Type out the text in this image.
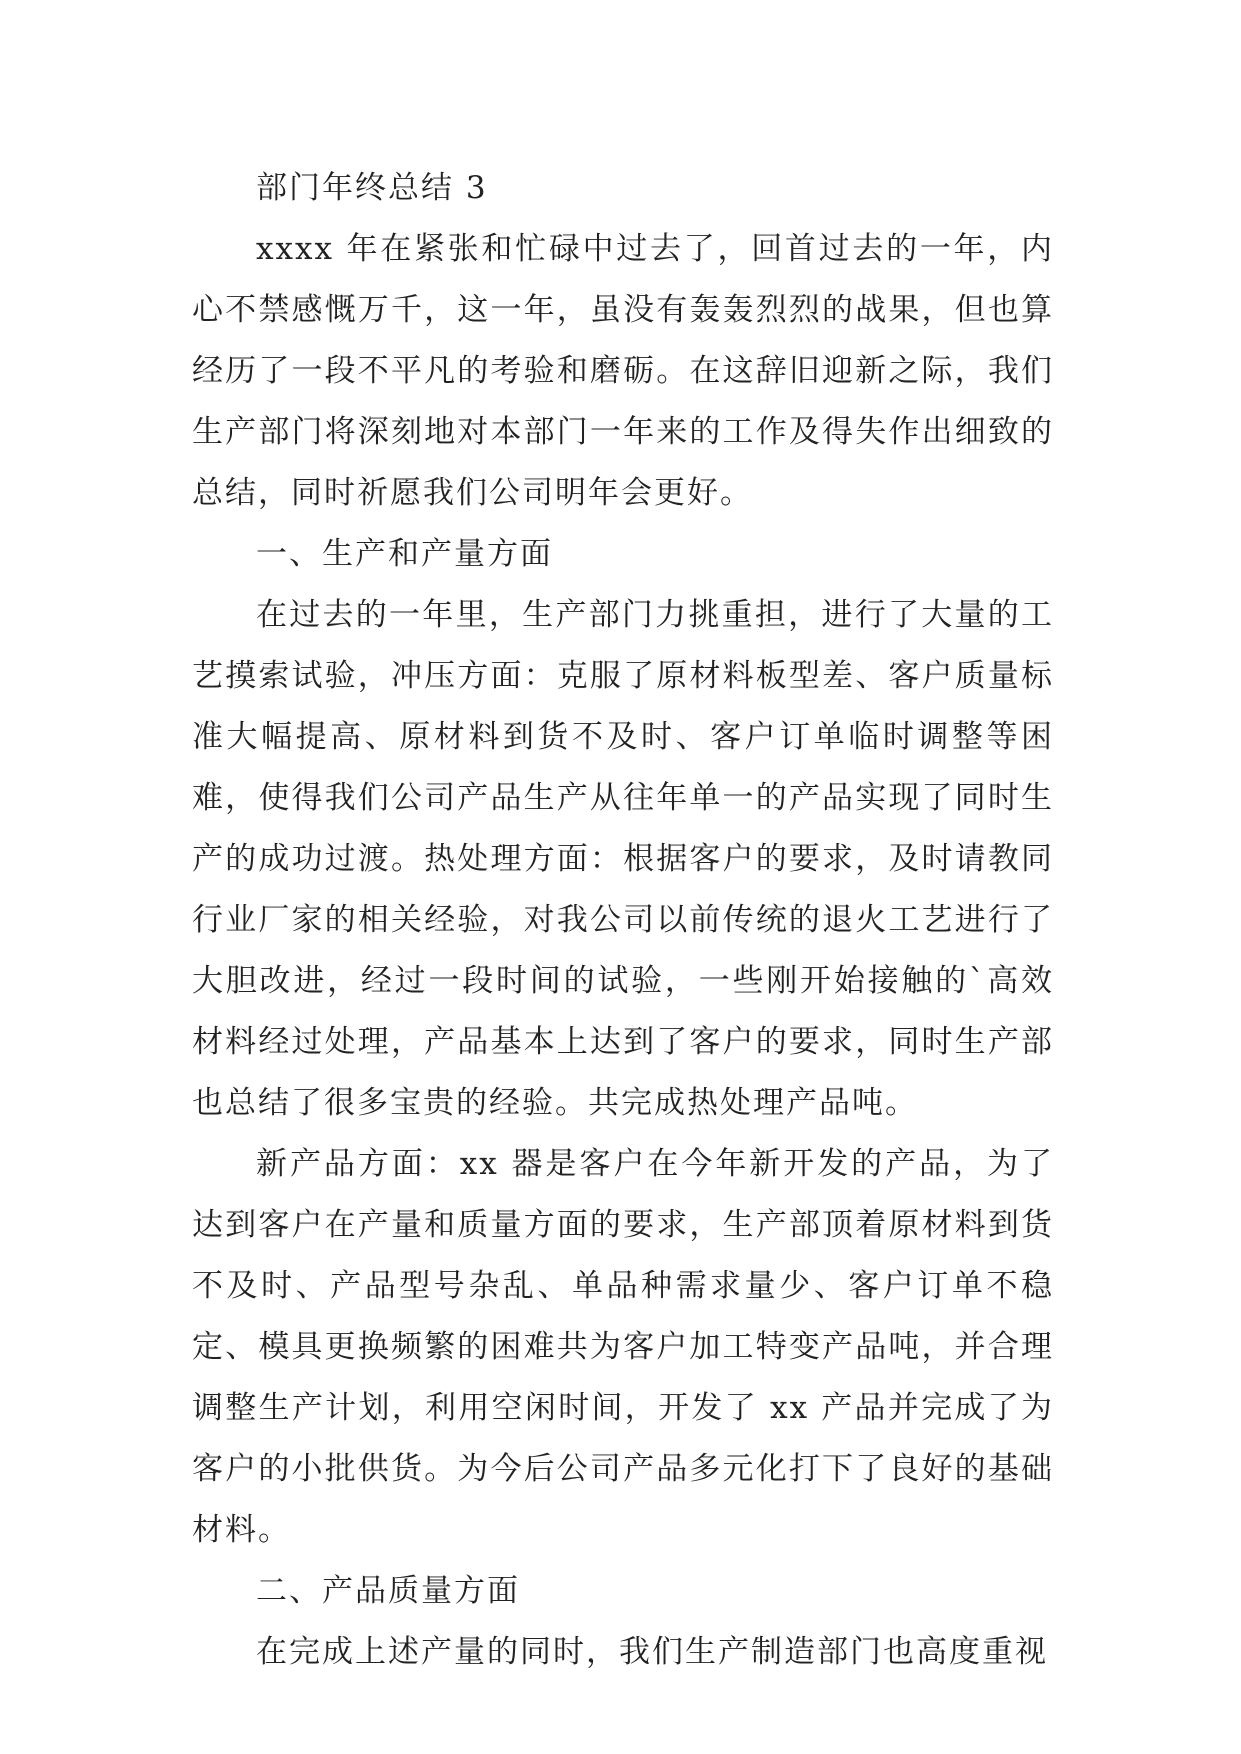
部门年终总结 3

xxxx 年在紧张和忙碌中过去了，回首过去的一年，内心不禁感慨万千，这一年，虽没有轰轰烈烈的战果，但也算经历了一段不平凡的考验和磨砺。在这辞旧迎新之际，我们生产部门将深刻地对本部门一年来的工作及得失作出细致的总结，同时祈愿我们公司明年会更好。

一、生产和产量方面

在过去的一年里，生产部门力挑重担，进行了大量的工艺摸索试验，冲压方面：克服了原材料板型差、客户质量标准大幅提高、原材料到货不及时、客户订单临时调整等困难，使得我们公司产品生产从往年单一的产品实现了同时生产的成功过渡。热处理方面：根据客户的要求，及时请教同行业厂家的相关经验，对我公司以前传统的退火工艺进行了大胆改进，经过一段时间的试验，一些刚开始接触的`高效材料经过处理，产品基本上达到了客户的要求，同时生产部也总结了很多宝贵的经验。共完成热处理产品吨。

新产品方面：xx 器是客户在今年新开发的产品，为了达到客户在产量和质量方面的要求，生产部顶着原材料到货不及时、产品型号杂乱、单品种需求量少、客户订单不稳定、模具更换频繁的困难共为客户加工特变产品吨，并合理调整生产计划，利用空闲时间，开发了 xx 产品并完成了为客户的小批供货。为今后公司产品多元化打下了良好的基础材料。

二、产品质量方面

在完成上述产量的同时，我们生产制造部门也高度重视
